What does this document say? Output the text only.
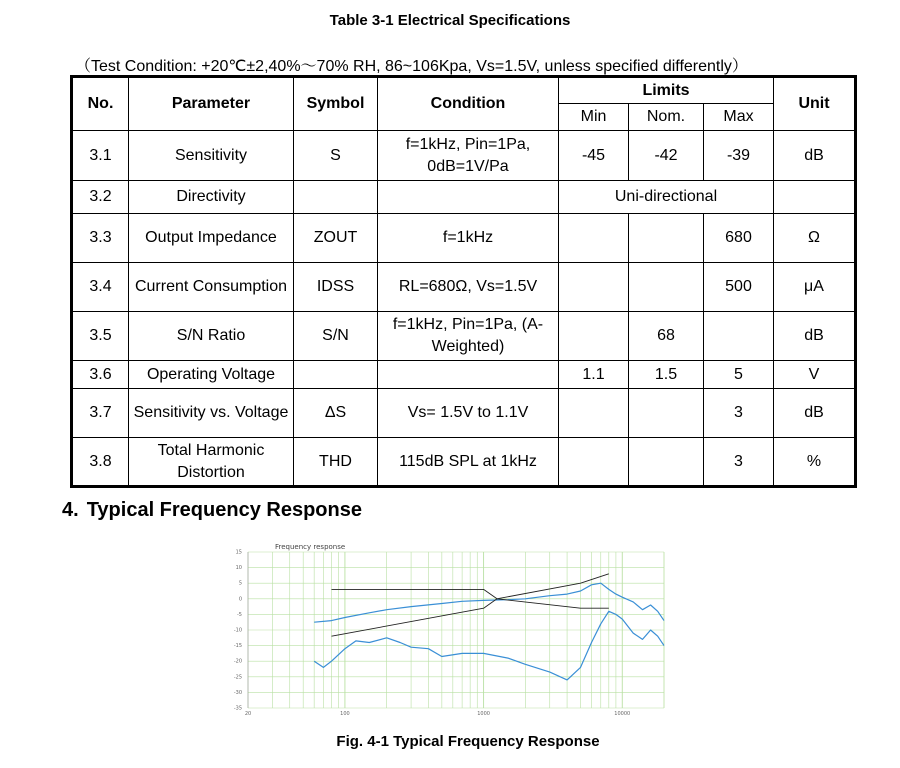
Table 3-1 Electrical Specifications
（Test Condition: +20℃±2,40%～70% RH, 86~106Kpa, Vs=1.5V, unless specified differently）
No.	Parameter	Symbol	Condition	Limits			Unit
				Min	Nom.	Max	
3.1	Sensitivity	S	f=1kHz, Pin=1Pa, 0dB=1V/Pa	-45	-42	-39	dB
3.2	Directivity			Uni-directional			
3.3	Output Impedance	ZOUT	f=1kHz			680	Ω
3.4	Current Consumption	IDSS	RL=680Ω, Vs=1.5V			500	μA
3.5	S/N Ratio	S/N	f=1kHz, Pin=1Pa, (A-Weighted)		68		dB
3.6	Operating Voltage			1.1	1.5	5	V
3.7	Sensitivity vs. Voltage	ΔS	Vs= 1.5V to 1.1V			3	dB
3.8	Total Harmonic Distortion	THD	115dB SPL at 1kHz			3	%
4. Typical Frequency Response
Frequency response
15
10
5
0
-5
-10
-15
-20
-25
-30
-35
20	100	1000	10000
Fig. 4-1 Typical Frequency Response
